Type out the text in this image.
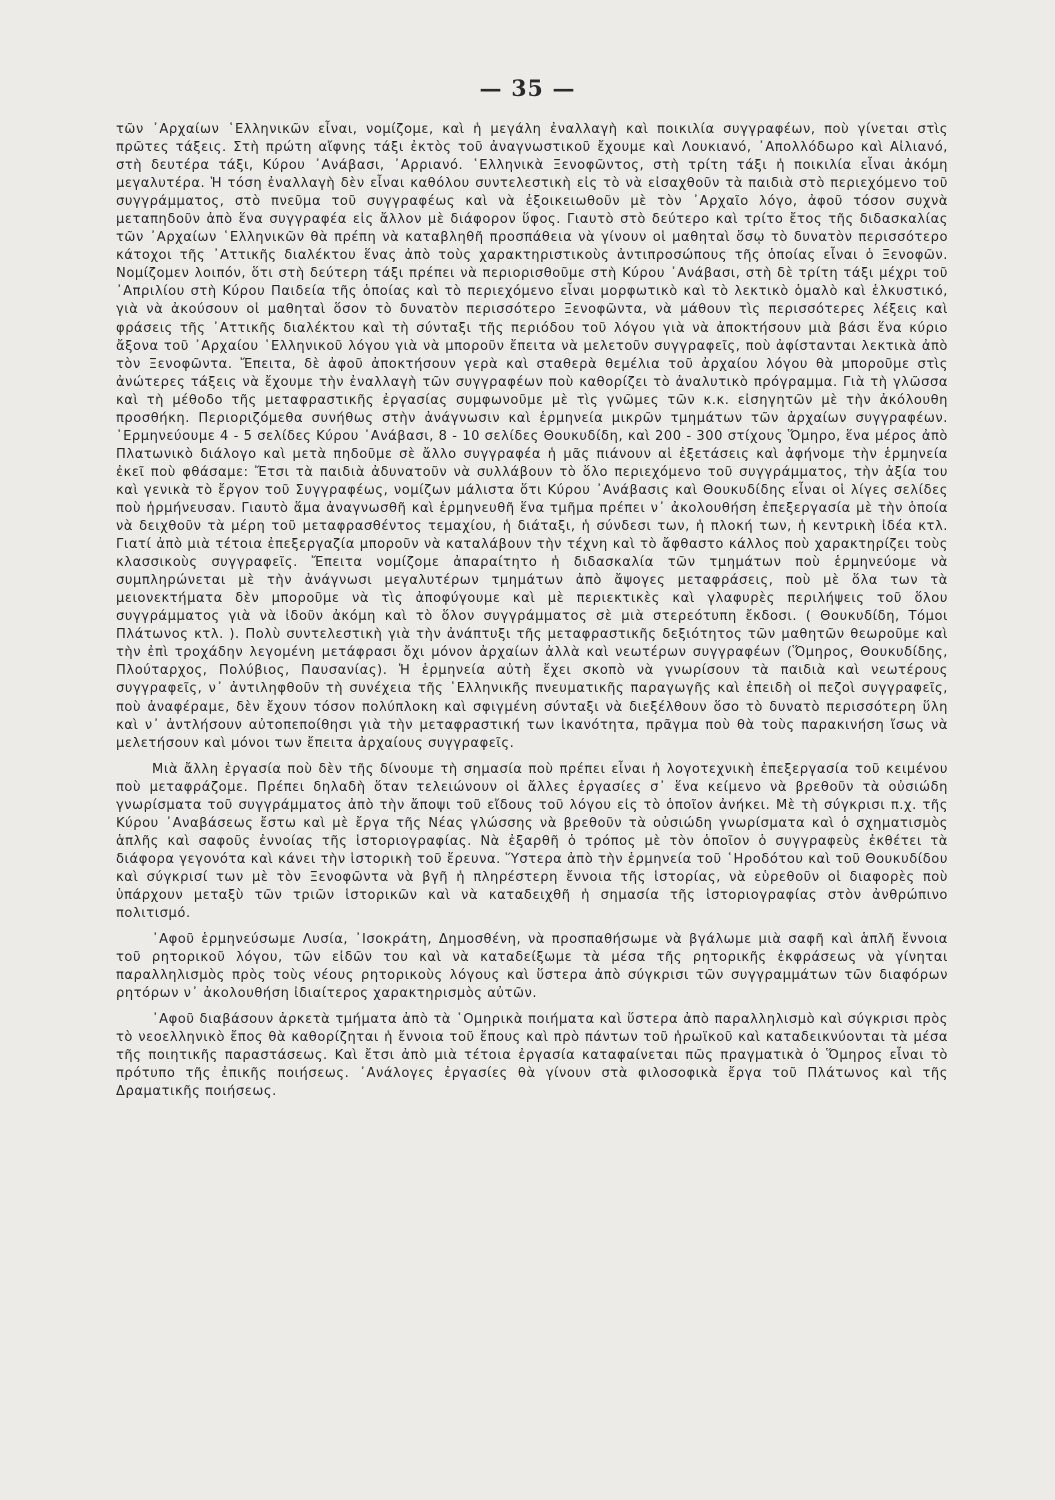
— 35 —

τῶν ᾿Αρχαίων ῾Ελληνικῶν εἶναι, νομίζομε, καὶ ἡ μεγάλη ἐναλλαγὴ καὶ ποικιλία συγγραφέων, ποὺ γίνεται στὶς πρῶτες τάξεις. Στὴ πρώτη αἴφνης τάξι ἐκτὸς τοῦ ἀναγνωστικοῦ ἔχουμε καὶ Λουκιανό, ᾿Απολλόδωρο καὶ Αἰλιανό, στὴ δευτέρα τάξι, Κύρου ᾿Ανάβασι, ᾿Αρριανό. ῾Ελληνικὰ Ξενοφῶντος, στὴ τρίτη τάξι ἡ ποικιλία εἶναι ἀκόμη μεγαλυτέρα. Ἡ τόση ἐναλλαγὴ δὲν εἶναι καθόλου συντελεστικὴ εἰς τὸ νὰ εἰσαχθοῦν τὰ παιδιὰ στὸ περιεχόμενο τοῦ συγγράμματος, στὸ πνεῦμα τοῦ συγγραφέως καὶ νὰ ἐξοικειωθοῦν μὲ τὸν ᾿Αρχαῖο λόγο, ἀφοῦ τόσον συχνὰ μεταπηδοῦν ἀπὸ ἕνα συγγραφέα εἰς ἄλλον μὲ διάφορον ὕφος. Γιαυτὸ στὸ δεύτερο καὶ τρίτο ἔτος τῆς διδασκαλίας τῶν ᾿Αρχαίων ῾Ελληνικῶν θὰ πρέπη νὰ καταβληθῆ προσπάθεια νὰ γίνουν οἱ μαθηταὶ ὅσῳ τὸ δυνατὸν περισσότερο κάτοχοι τῆς ᾿Αττικῆς διαλέκτου ἕνας ἀπὸ τοὺς χαρακτηριστικοὺς ἀντιπροσώπους τῆς ὁποίας εἶναι ὁ Ξενοφῶν. Νομίζομεν λοιπόν, ὅτι στὴ δεύτερη τάξι πρέπει νὰ περιορισθοῦμε στὴ Κύρου ᾿Ανάβασι, στὴ δὲ τρίτη τάξι μέχρι τοῦ ᾿Απριλίου στὴ Κύρου Παιδεία τῆς ὁποίας καὶ τὸ περιεχόμενο εἶναι μορφωτικὸ καὶ τὸ λεκτικὸ ὁμαλὸ καὶ ἑλκυστικό, γιὰ νὰ ἀκούσουν οἱ μαθηταὶ ὅσον τὸ δυνατὸν περισσότερο Ξενοφῶντα, νὰ μάθουν τὶς περισσότερες λέξεις καὶ φράσεις τῆς ᾿Αττικῆς διαλέκτου καὶ τὴ σύνταξι τῆς περιόδου τοῦ λόγου γιὰ νὰ ἀποκτήσουν μιὰ βάσι ἕνα κύριο ἄξονα τοῦ ᾿Αρχαίου ῾Ελληνικοῦ λόγου γιὰ νὰ μποροῦν ἔπειτα νὰ μελετοῦν συγγραφεῖς, ποὺ ἀφίστανται λεκτικὰ ἀπὸ τὸν Ξενοφῶντα. Ἔπειτα, δὲ ἀφοῦ ἀποκτήσουν γερὰ καὶ σταθερὰ θεμέλια τοῦ ἀρχαίου λόγου θὰ μποροῦμε στὶς ἀνώτερες τάξεις νὰ ἔχουμε τὴν ἐναλλαγὴ τῶν συγγραφέων ποὺ καθορίζει τὸ ἀναλυτικὸ πρόγραμμα. Γιὰ τὴ γλῶσσα καὶ τὴ μέθοδο τῆς μεταφραστικῆς ἐργασίας συμφωνοῦμε μὲ τὶς γνῶμες τῶν κ.κ. εἰσηγητῶν μὲ τὴν ἀκόλουθη προσθήκη. Περιοριζόμεθα συνήθως στὴν ἀνάγνωσιν καὶ ἑρμηνεία μικρῶν τμημάτων τῶν ἀρχαίων συγγραφέων. ῾Ερμηνεύουμε 4 - 5 σελίδες Κύρου ᾿Ανάβασι, 8 - 10 σελίδες Θουκυδίδη, καὶ 200 - 300 στίχους Ὅμηρο, ἕνα μέρος ἀπὸ Πλατωνικὸ διάλογο καὶ μετὰ πηδοῦμε σὲ ἄλλο συγγραφέα ἡ μᾶς πιάνουν αἱ ἐξετάσεις καὶ ἀφήνομε τὴν ἑρμηνεία ἐκεῖ ποὺ φθάσαμε: Ἔτσι τὰ παιδιὰ ἀδυνατοῦν νὰ συλλάβουν τὸ ὅλο περιεχόμενο τοῦ συγγράμματος, τὴν ἀξία του καὶ γενικὰ τὸ ἔργον τοῦ Συγγραφέως, νομίζων μάλιστα ὅτι Κύρου ᾿Ανάβασις καὶ Θουκυδίδης εἶναι οἱ λίγες σελίδες ποὺ ἡρμήνευσαν. Γιαυτὸ ἅμα ἀναγνωσθῆ καὶ ἑρμηνευθῆ ἕνα τμῆμα πρέπει ν᾿ ἀκολουθήση ἐπεξεργασία μὲ τὴν ὁποία νὰ δειχθοῦν τὰ μέρη τοῦ μεταφρασθέντος τεμαχίου, ἡ διάταξι, ἡ σύνδεσι των, ἡ πλοκή των, ἡ κεντρικὴ ἰδέα κτλ. Γιατί ἀπὸ μιὰ τέτοια ἐπεξεργαζία μποροῦν νὰ καταλάβουν τὴν τέχνη καὶ τὸ ἄφθαστο κάλλος ποὺ χαρακτηρίζει τοὺς κλασσικοὺς συγγραφεῖς. Ἔπειτα νομίζομε ἀπαραίτητο ἡ διδασκαλία τῶν τμημάτων ποὺ ἑρμηνεύομε νὰ συμπληρώνεται μὲ τὴν ἀνάγνωσι μεγαλυτέρων τμημάτων ἀπὸ ἄψογες μεταφράσεις, ποὺ μὲ ὅλα των τὰ μειονεκτήματα δὲν μποροῦμε νὰ τὶς ἀποφύγουμε καὶ μὲ περιεκτικὲς καὶ γλαφυρὲς περιλήψεις τοῦ ὅλου συγγράμματος γιὰ νὰ ἰδοῦν ἀκόμη καὶ τὸ ὅλον συγγράμματος σὲ μιὰ στερεότυπη ἔκδοσι. ( Θουκυδίδη, Τόμοι Πλάτωνος κτλ. ). Πολὺ συντελεστικὴ γιὰ τὴν ἀνάπτυξι τῆς μεταφραστικῆς δεξιότητος τῶν μαθητῶν θεωροῦμε καὶ τὴν ἐπὶ τροχάδην λεγομένη μετάφρασι ὄχι μόνον ἀρχαίων ἀλλὰ καὶ νεωτέρων συγγραφέων (Ὅμηρος, Θουκυδίδης, Πλούταρχος, Πολύβιος, Παυσανίας). Ἡ ἑρμηνεία αὐτὴ ἔχει σκοπὸ νὰ γνωρίσουν τὰ παιδιὰ καὶ νεωτέρους συγγραφεῖς, ν᾿ ἀντιληφθοῦν τὴ συνέχεια τῆς ῾Ελληνικῆς πνευματικῆς παραγωγῆς καὶ ἐπειδὴ οἱ πεζοὶ συγγραφεῖς, ποὺ ἀναφέραμε, δὲν ἔχουν τόσον πολύπλοκη καὶ σφιγμένη σύνταξι νὰ διεξέλθουν ὅσο τὸ δυνατὸ περισσότερη ὕλη καὶ ν᾿ ἀντλήσουν αὐτοπεποίθησι γιὰ τὴν μεταφραστική των ἱκανότητα, πρᾶγμα ποὺ θὰ τοὺς παρακινήση ἴσως νὰ μελετήσουν καὶ μόνοι των ἔπειτα ἀρχαίους συγγραφεῖς.

Μιὰ ἄλλη ἐργασία ποὺ δὲν τῆς δίνουμε τὴ σημασία ποὺ πρέπει εἶναι ἡ λογοτεχνικὴ ἐπεξεργασία τοῦ κειμένου ποὺ μεταφράζομε. Πρέπει δηλαδὴ ὅταν τελειώνουν οἱ ἄλλες ἐργασίες σ᾿ ἕνα κείμενο νὰ βρεθοῦν τὰ οὐσιώδη γνωρίσματα τοῦ συγγράμματος ἀπὸ τὴν ἄποψι τοῦ εἴδους τοῦ λόγου εἰς τὸ ὁποῖον ἀνήκει. Μὲ τὴ σύγκρισι π.χ. τῆς Κύρου ᾿Αναβάσεως ἔστω καὶ μὲ ἔργα τῆς Νέας γλώσσης νὰ βρεθοῦν τὰ οὐσιώδη γνωρίσματα καὶ ὁ σχηματισμὸς ἁπλῆς καὶ σαφοῦς ἐννοίας τῆς ἱστοριογραφίας. Νὰ ἐξαρθῆ ὁ τρόπος μὲ τὸν ὁποῖον ὁ συγγραφεὺς ἐκθέτει τὰ διάφορα γεγονότα καὶ κάνει τὴν ἱστορικὴ τοῦ ἔρευνα. Ὕστερα ἀπὸ τὴν ἑρμηνεία τοῦ ῾Ηροδότου καὶ τοῦ Θουκυδίδου καὶ σύγκρισί των μὲ τὸν Ξενοφῶντα νὰ βγῆ ἡ πληρέστερη ἔννοια τῆς ἱστορίας, νὰ εὑρεθοῦν οἱ διαφορὲς ποὺ ὑπάρχουν μεταξὺ τῶν τριῶν ἱστορικῶν καὶ νὰ καταδειχθῆ ἡ σημασία τῆς ἱστοριογραφίας στὸν ἀνθρώπινο πολιτισμό.

᾿Αφοῦ ἑρμηνεύσωμε Λυσία, ᾿Ισοκράτη, Δημοσθένη, νὰ προσπαθήσωμε νὰ βγάλωμε μιὰ σαφῆ καὶ ἁπλῆ ἔννοια τοῦ ρητορικοῦ λόγου, τῶν εἰδῶν του καὶ νὰ καταδείξωμε τὰ μέσα τῆς ρητορικῆς ἐκφράσεως νὰ γίνηται παραλληλισμὸς πρὸς τοὺς νέους ρητορικοὺς λόγους καὶ ὕστερα ἀπὸ σύγκρισι τῶν συγγραμμάτων τῶν διαφόρων ρητόρων ν᾿ ἀκολουθήση ἰδιαίτερος χαρακτηρισμὸς αὐτῶν.

᾿Αφοῦ διαβάσουν ἀρκετὰ τμήματα ἀπὸ τὰ ῾Ομηρικὰ ποιήματα καὶ ὕστερα ἀπὸ παραλληλισμὸ καὶ σύγκρισι πρὸς τὸ νεοελληνικὸ ἔπος θὰ καθορίζηται ἡ ἔννοια τοῦ ἔπους καὶ πρὸ πάντων τοῦ ἡρωϊκοῦ καὶ καταδεικνύονται τὰ μέσα τῆς ποιητικῆς παραστάσεως. Καὶ ἔτσι ἀπὸ μιὰ τέτοια ἐργασία καταφαίνεται πῶς πραγματικὰ ὁ Ὅμηρος εἶναι τὸ πρότυπο τῆς ἐπικῆς ποιήσεως. ᾿Ανάλογες ἐργασίες θὰ γίνουν στὰ φιλοσοφικὰ ἔργα τοῦ Πλάτωνος καὶ τῆς Δραματικῆς ποιήσεως.
